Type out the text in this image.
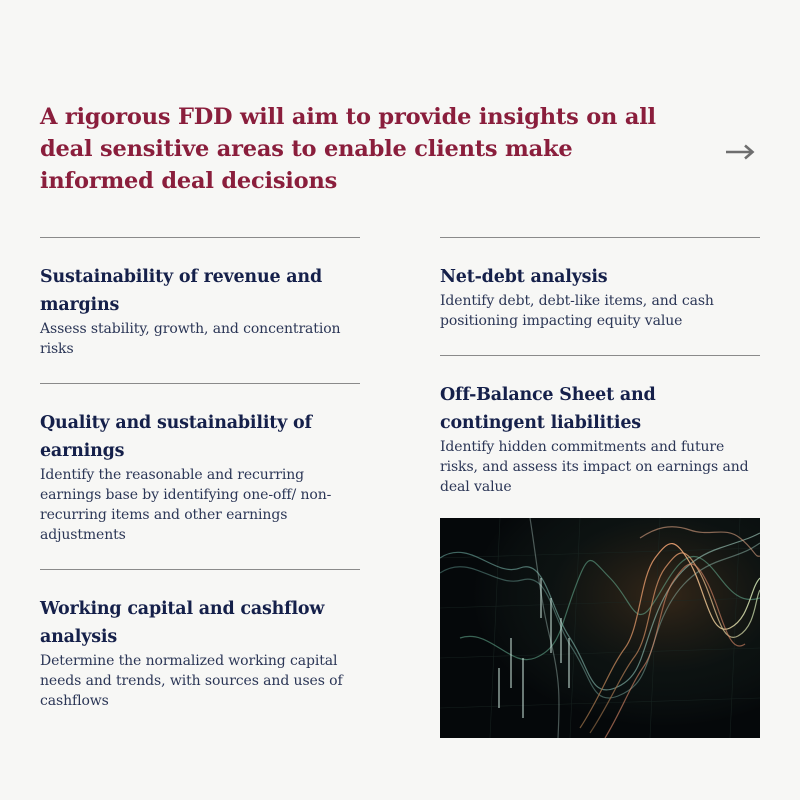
A rigorous FDD will aim to provide insights on all deal sensitive areas to enable clients make informed deal decisions
Sustainability of revenue and margins

Assess stability, growth, and concentration risks

Quality and sustainability of earnings

Identify the reasonable and recurring earnings base by identifying one-off/ non-recurring items and other earnings adjustments

Working capital and cashflow analysis

Determine the normalized working capital needs and trends, with sources and uses of cashflows

Net-debt analysis

Identify debt, debt-like items, and cash positioning impacting equity value

Off-Balance Sheet and contingent liabilities

Identify hidden commitments and future risks, and assess its impact on earnings and deal value
